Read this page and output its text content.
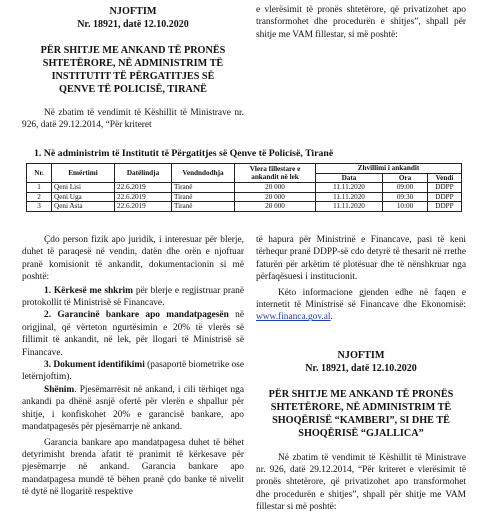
NJOFTIM

Nr. 18921, datë 12.10.2020

PËR SHITJE ME ANKAND TË PRONËS SHTETËRORE, NË ADMINISTRIM TË INSTITUTIT TË PËRGATITJES SË QENVE TË POLICISË, TIRANË

Në zbatim të vendimit të Këshillit të Ministrave nr. 926, datë 29.12.2014, “Për kriteret

e vlerësimit të pronës shtetërore, që privatizohet apo transformohet dhe procedurën e shitjes”, shpall për shitje me VAM fillestar, si më poshtë:

1. Në administrim të Institutit të Përgatitjes së Qenve të Policisë, Tiranë

Nr.	Emërtimi	Datëlindja	Vendndodhja	Vlera fillestare e ankandit në lek	Zhvillimi i ankandit		
					Data	Ora	Vendi
1	Qeni Lisi	22.6.2019	Tiranë	20 000	11.11.2020	09:00	DDPP
2	Qeni Uga	22.6.2019	Tiranë	20 000	11.11.2020	09:30	DDPP
3	Qeni Asta	22.6.2019	Tiranë	20 000	11.11.2020	10:00	DDPP

Çdo person fizik apo juridik, i interesuar për blerje, duhet të paraqesë në vendin, datën dhe orën e njoftuar pranë komisionit të ankandit, dokumentacionin si më poshtë:

1. Kërkesë me shkrim për blerje e regjistruar pranë protokollit të Ministrisë së Financave.

2. Garancinë bankare apo mandatpagesën në origjinal, që vërteton ngurtësimin e 20% të vlerës së fillimit të ankandit, në lek, për llogari të Ministrisë së Financave.

3. Dokument identifikimi (pasaportë biometrike ose letërnjoftim).

Shënim. Pjesëmarrësit në ankand, i cili tërhiqet nga ankandi pa dhënë asnjë ofertë për vlerën e shpallur për shitje, i konfiskohet 20% e garancisë bankare, apo mandatpagesës për pjesëmarrje në ankand.

Garancia bankare apo mandatpagesa duhet të bëhet detyrimisht brenda afatit të pranimit të kërkesave për pjesëmarrje në ankand. Garancia bankare apo mandatpagesa mundë të bëhen pranë çdo banke të nivelit të dytë në llogaritë respektive

të hapura për Ministrinë e Financave, pasi të keni tërhequr pranë DDPP-së cdo detyrë të thesarit në rrethe faturën për arkëtim të plotësuar dhe të nënshkruar nga përfaqësuesi i institucionit.

Këto informacione gjenden edhe në faqen e internetit të Ministrisë së Financave dhe Ekonomisë: www.financa.gov.al.

NJOFTIM

Nr. 18921, datë 12.10.2020

PËR SHITJE ME ANKAND TË PRONËS SHTETËRORE, NË ADMINISTRIM TË SHOQËRISË “KAMBERI”, SI DHE TË SHOQËRISË “GJALLICA”

Në zbatim të vendimit të Këshillit të Ministrave nr. 926, datë 29.12.2014, “Për kriteret e vlerësimit të pronës shtetërore, që privatizohet apo transformohet dhe procedurën e shitjes”, shpall për shitje me VAM fillestar si më poshtë:
